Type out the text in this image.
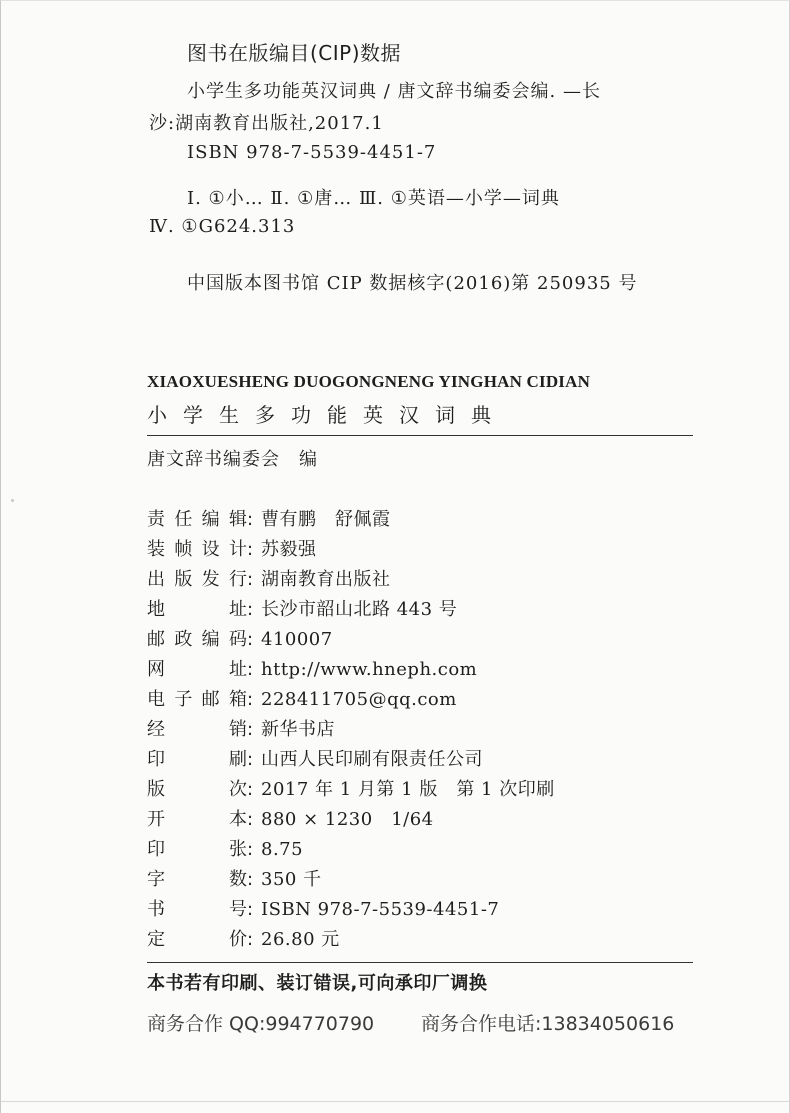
图书在版编目(CIP)数据
小学生多功能英汉词典 / 唐文辞书编委会编. —长
沙:湖南教育出版社,2017.1
ISBN 978-7-5539-4451-7
Ⅰ. ①小… Ⅱ. ①唐… Ⅲ. ①英语—小学—词典
Ⅳ. ①G624.313
中国版本图书馆 CIP 数据核字(2016)第 250935 号
XIAOXUESHENG DUOGONGNENG YINGHAN CIDIAN
小学生多功能英汉词典
唐文辞书编委会　编
责任编辑: 曹有鹏　舒佩霞
装帧设计: 苏毅强
出版发行: 湖南教育出版社
地址: 长沙市韶山北路 443 号
邮政编码: 410007
网址: http://www.hneph.com
电子邮箱: 228411705@qq.com
经销: 新华书店
印刷: 山西人民印刷有限责任公司
版次: 2017 年 1 月第 1 版　第 1 次印刷
开本: 880 × 1230　1/64
印张: 8.75
字数: 350 千
书号: ISBN 978-7-5539-4451-7
定价: 26.80 元
本书若有印刷、装订错误,可向承印厂调换
商务合作 QQ:994770790 商务合作电话:13834050616
